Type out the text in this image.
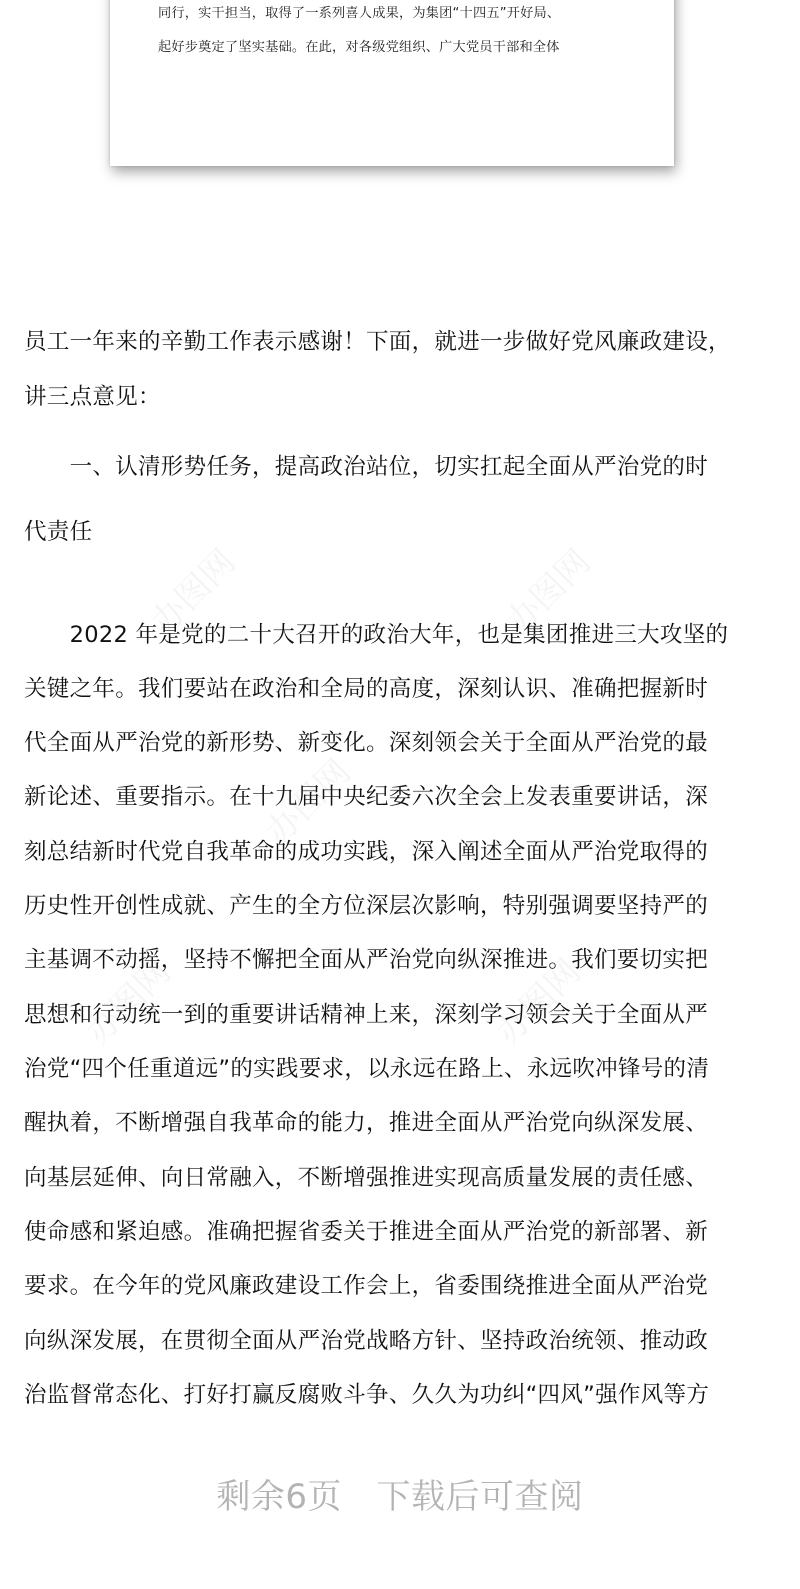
同行，实干担当，取得了一系列喜人成果，为集团“十四五”开好局、
起好步奠定了坚实基础。在此，对各级党组织、广大党员干部和全体
员工一年来的辛勤工作表示感谢！下面，就进一步做好党风廉政建设，
讲三点意见：
　　一、认清形势任务，提高政治站位，切实扛起全面从严治党的时
代责任
　　2022 年是党的二十大召开的政治大年，也是集团推进三大攻坚的
关键之年。我们要站在政治和全局的高度，深刻认识、准确把握新时
代全面从严治党的新形势、新变化。深刻领会关于全面从严治党的最
新论述、重要指示。在十九届中央纪委六次全会上发表重要讲话，深
刻总结新时代党自我革命的成功实践，深入阐述全面从严治党取得的
历史性开创性成就、产生的全方位深层次影响，特别强调要坚持严的
主基调不动摇，坚持不懈把全面从严治党向纵深推进。我们要切实把
思想和行动统一到的重要讲话精神上来，深刻学习领会关于全面从严
治党“四个任重道远”的实践要求，以永远在路上、永远吹冲锋号的清
醒执着，不断增强自我革命的能力，推进全面从严治党向纵深发展、
向基层延伸、向日常融入，不断增强推进实现高质量发展的责任感、
使命感和紧迫感。准确把握省委关于推进全面从严治党的新部署、新
要求。在今年的党风廉政建设工作会上，省委围绕推进全面从严治党
向纵深发展，在贯彻全面从严治党战略方针、坚持政治统领、推动政
治监督常态化、打好打赢反腐败斗争、久久为功纠“四风”强作风等方
剩余6页　下载后可查阅
